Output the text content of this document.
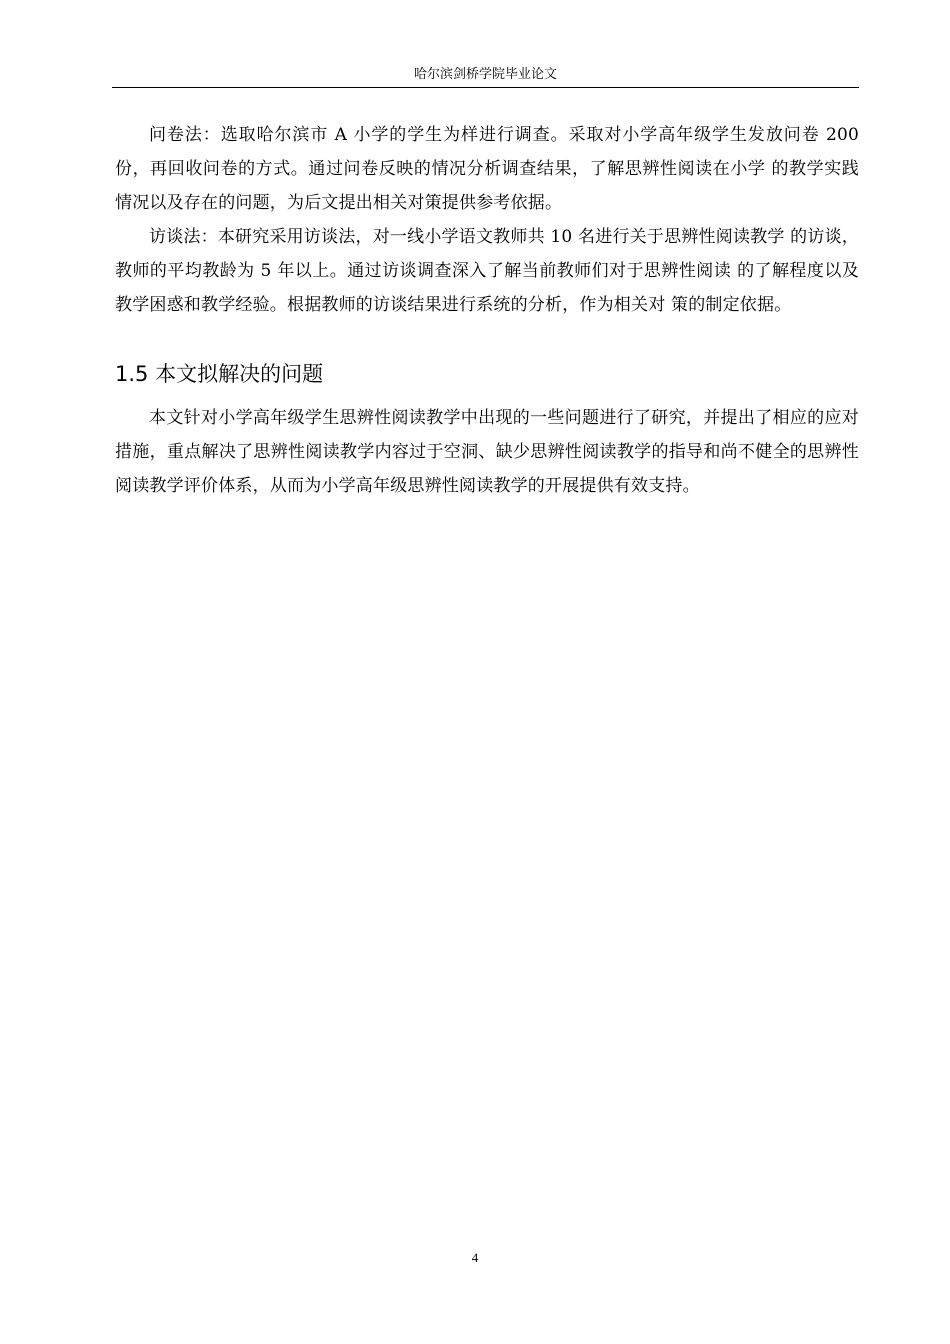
哈尔滨剑桥学院毕业论文

问卷法：选取哈尔滨市 A 小学的学生为样进行调查。采取对小学高年级学生发放问卷 200 份，再回收问卷的方式。通过问卷反映的情况分析调查结果，了解思辨性阅读在小学 的教学实践情况以及存在的问题，为后文提出相关对策提供参考依据。

访谈法：本研究采用访谈法，对一线小学语文教师共 10 名进行关于思辨性阅读教学 的访谈，教师的平均教龄为 5 年以上。通过访谈调查深入了解当前教师们对于思辨性阅读 的了解程度以及教学困惑和教学经验。根据教师的访谈结果进行系统的分析，作为相关对 策的制定依据。

1.5 本文拟解决的问题

本文针对小学高年级学生思辨性阅读教学中出现的一些问题进行了研究，并提出了相应的应对措施，重点解决了思辨性阅读教学内容过于空洞、缺少思辨性阅读教学的指导和尚不健全的思辨性阅读教学评价体系，从而为小学高年级思辨性阅读教学的开展提供有效支持。

4
